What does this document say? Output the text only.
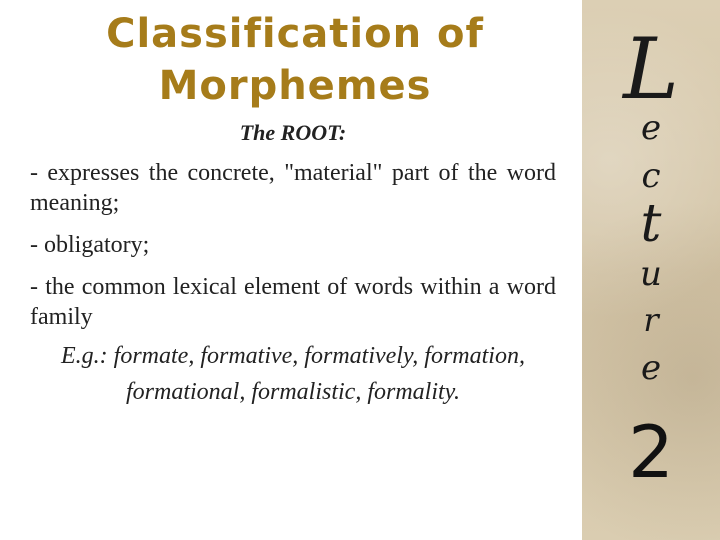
Classification of Morphemes
The ROOT:
- expresses the concrete, "material" part of the word meaning;
- obligatory;
- the common lexical element of words within a word family
E.g.: formate, formative, formatively, formation, formational, formalistic, formality.
L
e
c
t
u
r
e
2
